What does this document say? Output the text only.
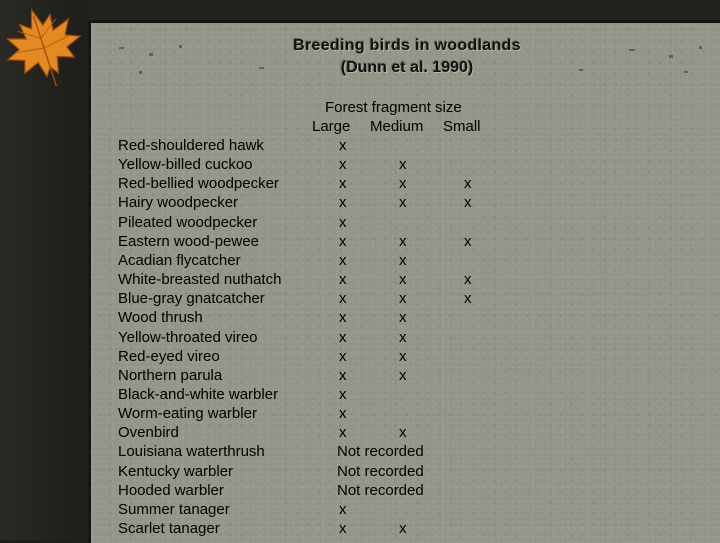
Breeding birds in woodlands
(Dunn et al. 1990)
Forest fragment size
Large Medium Small
Red-shouldered hawk	x
Yellow-billed cuckoo	x	x
Red-bellied woodpecker	x	x	x
Hairy woodpecker	x	x	x
Pileated woodpecker	x
Eastern wood-pewee	x	x	x
Acadian flycatcher	x	x
White-breasted nuthatch	x	x	x
Blue-gray gnatcatcher	x	x	x
Wood thrush	x	x
Yellow-throated vireo	x	x
Red-eyed vireo	x	x
Northern parula	x	x
Black-and-white warbler	x
Worm-eating warbler	x
Ovenbird	x	x
Louisiana waterthrush	Not recorded
Kentucky warbler	Not recorded
Hooded warbler	Not recorded
Summer tanager	x
Scarlet tanager	x	x
